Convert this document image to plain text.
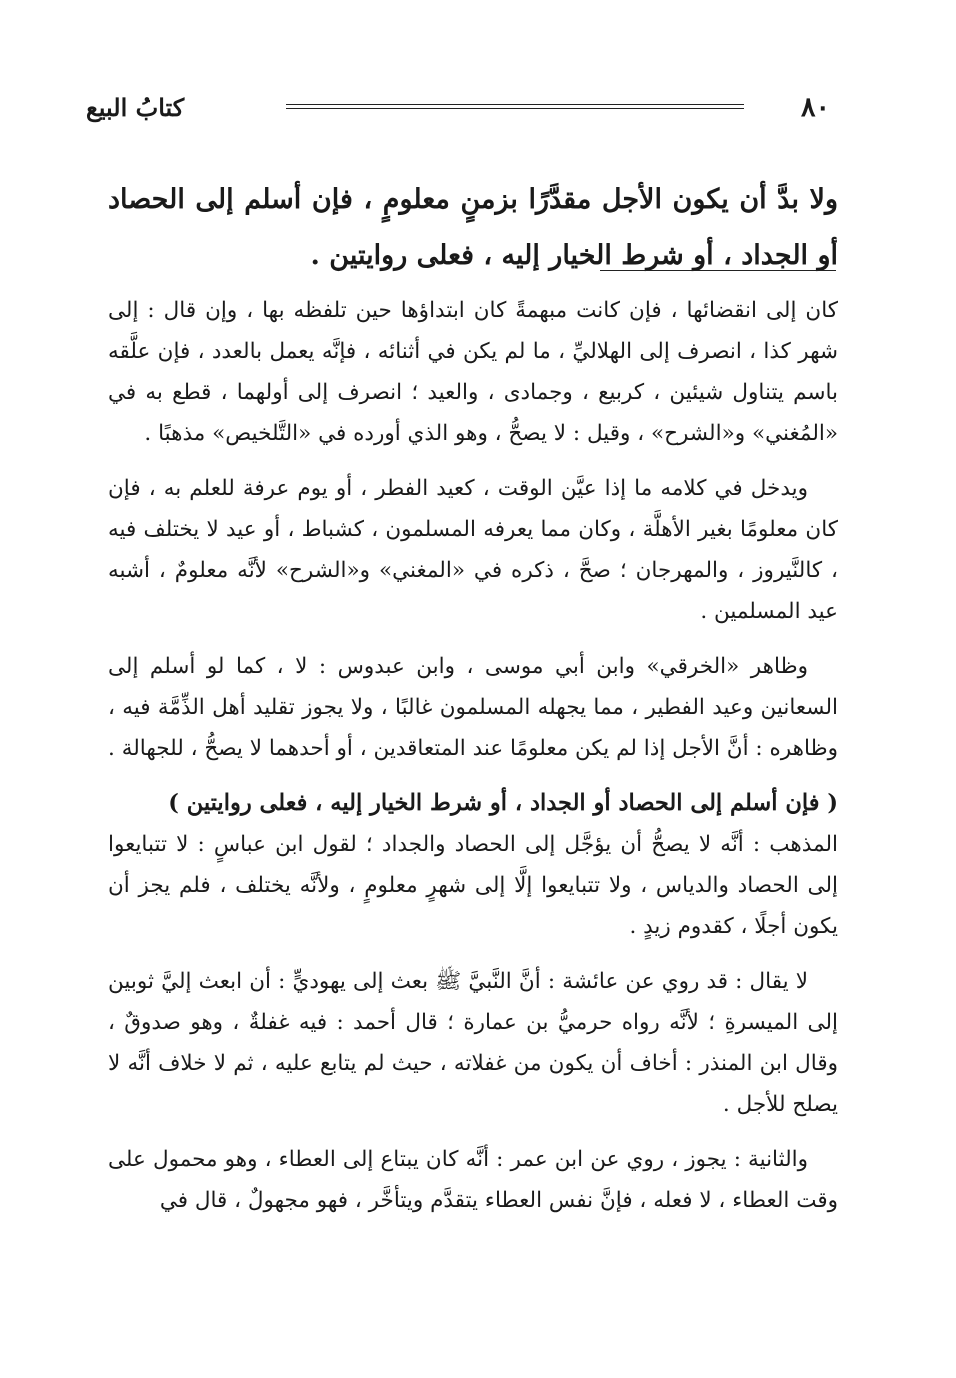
٨٠
كتابُ البيع
ولا بدَّ أن يكون الأجل مقدَّرًا بزمنٍ معلومٍ ، فإن أسلم إلى الحصاد أو الجداد ، أو شرط الخيار إليه ، فعلى روايتين .

كان إلى انقضائها ، فإن كانت مبهمةً كان ابتداؤها حين تلفظه بها ، وإن قال : إلى شهر كذا ، انصرف إلى الهلاليِّ ، ما لم يكن في أثنائه ، فإنَّه يعمل بالعدد ، فإن علَّقه باسم يتناول شيئين ، كربيع ، وجمادى ، والعيد ؛ انصرف إلى أولهما ، قطع به في «المُغني» و«الشرح» ، وقيل : لا يصحُّ ، وهو الذي أورده في «التَّلخيص» مذهبًا .

ويدخل في كلامه ما إذا عيَّن الوقت ، كعيد الفطر ، أو يوم عرفة للعلم به ، فإن كان معلومًا بغير الأهلَّة ، وكان مما يعرفه المسلمون ، كشباط ، أو عيد لا يختلف فيه ، كالنَّيروز ، والمهرجان ؛ صحَّ ، ذكره في «المغني» و«الشرح» لأنَّه معلومٌ ، أشبه عيد المسلمين .

وظاهر «الخرقي» وابن أبي موسى ، وابن عبدوس : لا ، كما لو أسلم إلى السعانين وعيد الفطير ، مما يجهله المسلمون غالبًا ، ولا يجوز تقليد أهل الذِّمَّة فيه ، وظاهره : أنَّ الأجل إذا لم يكن معلومًا عند المتعاقدين ، أو أحدهما لا يصحُّ ، للجهالة .

( فإن أسلم إلى الحصاد أو الجداد ، أو شرط الخيار إليه ، فعلى روايتين )

المذهب : أنَّه لا يصحُّ أن يؤجَّل إلى الحصاد والجداد ؛ لقول ابن عباسٍ : لا تتبايعوا إلى الحصاد والدياس ، ولا تتبايعوا إلَّا إلى شهرٍ معلومٍ ، ولأنَّه يختلف ، فلم يجز أن يكون أجلًا ، كقدوم زيدٍ .

لا يقال : قد روي عن عائشة : أنَّ النَّبيَّ ﷺ بعث إلى يهوديٍّ : أن ابعث إليَّ ثوبين إلى الميسرةِ ؛ لأنَّه رواه حرميُّ بن عمارة ؛ قال أحمد : فيه غفلةٌ ، وهو صدوقٌ ، وقال ابن المنذر : أخاف أن يكون من غفلاته ، حيث لم يتابع عليه ، ثم لا خلاف أنَّه لا يصلح للأجل .

والثانية : يجوز ، روي عن ابن عمر : أنَّه كان يبتاع إلى العطاء ، وهو محمول على وقت العطاء ، لا فعله ، فإنَّ نفس العطاء يتقدَّم ويتأخَّر ، فهو مجهولٌ ، قال في
